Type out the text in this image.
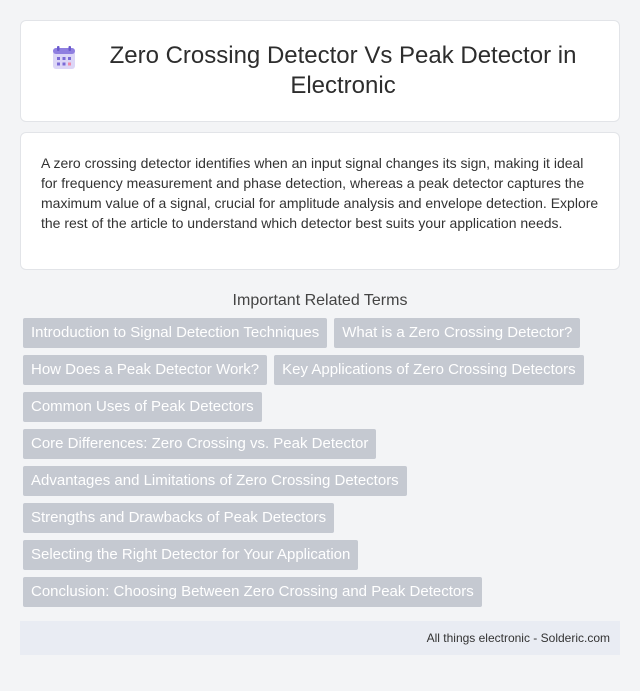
Zero Crossing Detector Vs Peak Detector in Electronic

A zero crossing detector identifies when an input signal changes its sign, making it ideal for frequency measurement and phase detection, whereas a peak detector captures the maximum value of a signal, crucial for amplitude analysis and envelope detection. Explore the rest of the article to understand which detector best suits your application needs.

Important Related Terms
Introduction to Signal Detection Techniques	What is a Zero Crossing Detector?
How Does a Peak Detector Work?	Key Applications of Zero Crossing Detectors
Common Uses of Peak Detectors
Core Differences: Zero Crossing vs. Peak Detector
Advantages and Limitations of Zero Crossing Detectors
Strengths and Drawbacks of Peak Detectors
Selecting the Right Detector for Your Application
Conclusion: Choosing Between Zero Crossing and Peak Detectors
All things electronic - Solderic.com
